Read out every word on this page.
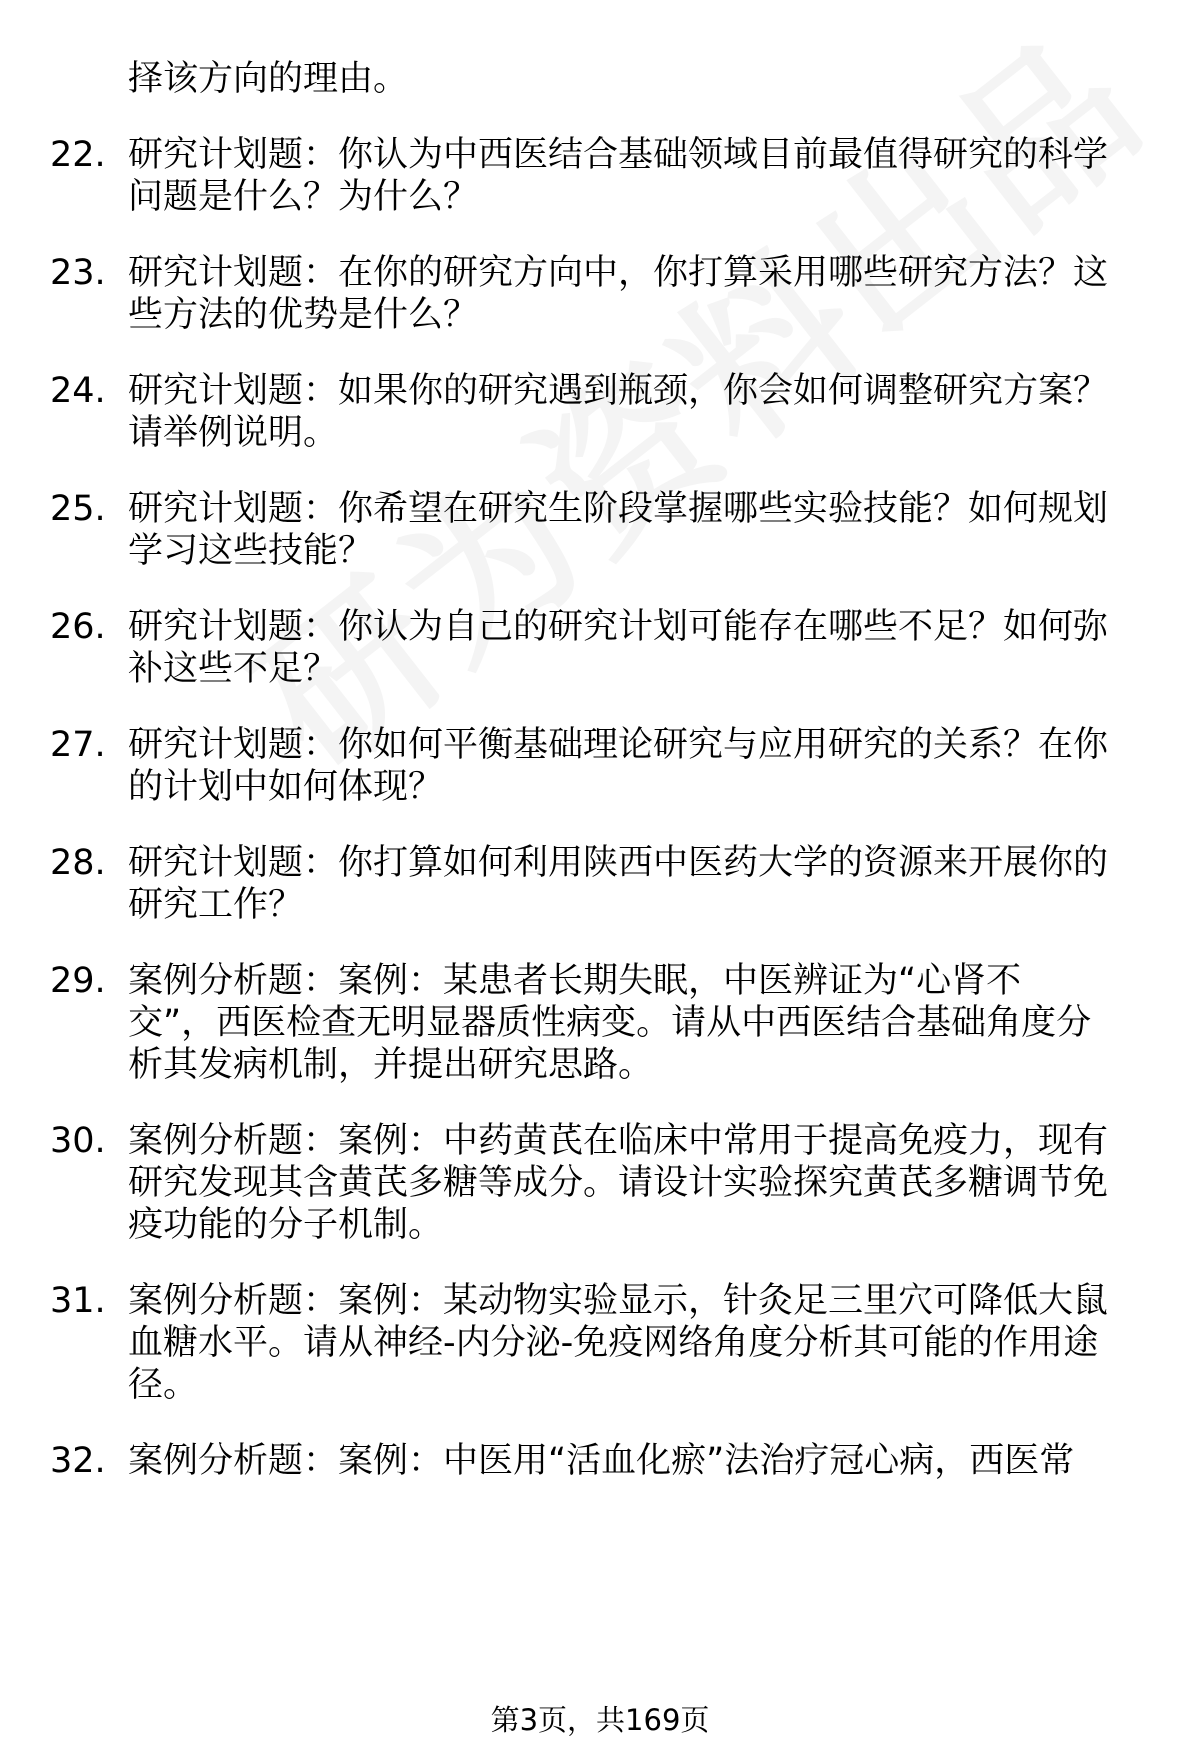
择该方向的理由。
22. 研究计划题：你认为中西医结合基础领域目前最值得研究的科学
问题是什么？为什么？
23. 研究计划题：在你的研究方向中，你打算采用哪些研究方法？这
些方法的优势是什么？
24. 研究计划题：如果你的研究遇到瓶颈，你会如何调整研究方案？
请举例说明。
25. 研究计划题：你希望在研究生阶段掌握哪些实验技能？如何规划
学习这些技能？
26. 研究计划题：你认为自己的研究计划可能存在哪些不足？如何弥
补这些不足？
27. 研究计划题：你如何平衡基础理论研究与应用研究的关系？在你
的计划中如何体现？
28. 研究计划题：你打算如何利用陕西中医药大学的资源来开展你的
研究工作？
29. 案例分析题：案例：某患者长期失眠，中医辨证为“心肾不
交”，西医检查无明显器质性病变。请从中西医结合基础角度分
析其发病机制，并提出研究思路。
30. 案例分析题：案例：中药黄芪在临床中常用于提高免疫力，现有
研究发现其含黄芪多糖等成分。请设计实验探究黄芪多糖调节免
疫功能的分子机制。
31. 案例分析题：案例：某动物实验显示，针灸足三里穴可降低大鼠
血糖水平。请从神经-内分泌-免疫网络角度分析其可能的作用途
径。
32. 案例分析题：案例：中医用“活血化瘀”法治疗冠心病，西医常
第3页，共169页
